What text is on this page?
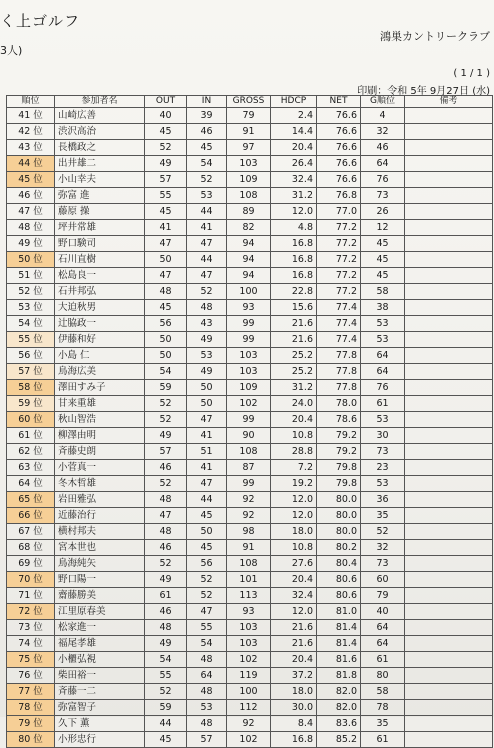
く上ゴルフ
3人)
鴻巣カントリークラブ
( 1 / 1 )
印刷：令和 5年 9月27日 (水)
順位	参加者名	OUT	IN	GROSS	HDCP	NET	G順位	備考
41 位	山崎広善	40	39	79	2.4	76.6	4	
42 位	渋沢高治	45	46	91	14.4	76.6	32	
43 位	長橋政之	52	45	97	20.4	76.6	46	
44 位	出井雄二	49	54	103	26.4	76.6	64	
45 位	小山幸夫	57	52	109	32.4	76.6	76	
46 位	弥富 進	55	53	108	31.2	76.8	73	
47 位	藤原 操	45	44	89	12.0	77.0	26	
48 位	坪井常雄	41	41	82	4.8	77.2	12	
49 位	野口験司	47	47	94	16.8	77.2	45	
50 位	石川直樹	50	44	94	16.8	77.2	45	
51 位	松島良一	47	47	94	16.8	77.2	45	
52 位	石井邦弘	48	52	100	22.8	77.2	58	
53 位	大迫秋男	45	48	93	15.6	77.4	38	
54 位	辻脇政一	56	43	99	21.6	77.4	53	
55 位	伊藤和好	50	49	99	21.6	77.4	53	
56 位	小島 仁	50	53	103	25.2	77.8	64	
57 位	鳥海広美	54	49	103	25.2	77.8	64	
58 位	澤田すみ子	59	50	109	31.2	77.8	76	
59 位	甘来重雄	52	50	102	24.0	78.0	61	
60 位	秋山智浩	52	47	99	20.4	78.6	53	
61 位	柳澤由明	49	41	90	10.8	79.2	30	
62 位	斉藤史朗	57	51	108	28.8	79.2	73	
63 位	小菅真一	46	41	87	7.2	79.8	23	
64 位	冬木哲雄	52	47	99	19.2	79.8	53	
65 位	岩田雅弘	48	44	92	12.0	80.0	36	
66 位	近藤治行	47	45	92	12.0	80.0	35	
67 位	横村邦夫	48	50	98	18.0	80.0	52	
68 位	宮本世也	46	45	91	10.8	80.2	32	
69 位	鳥海純矢	52	56	108	27.6	80.4	73	
70 位	野口陽一	49	52	101	20.4	80.6	60	
71 位	齋藤勝美	61	52	113	32.4	80.6	79	
72 位	江里原春美	46	47	93	12.0	81.0	40	
73 位	松家進一	48	55	103	21.6	81.4	64	
74 位	福尾孝雄	49	54	103	21.6	81.4	64	
75 位	小櫃弘視	54	48	102	20.4	81.6	61	
76 位	柴田裕一	55	64	119	37.2	81.8	80	
77 位	斉藤一二	52	48	100	18.0	82.0	58	
78 位	弥富智子	59	53	112	30.0	82.0	78	
79 位	久下 薫	44	48	92	8.4	83.6	35	
80 位	小形忠行	45	57	102	16.8	85.2	61	
